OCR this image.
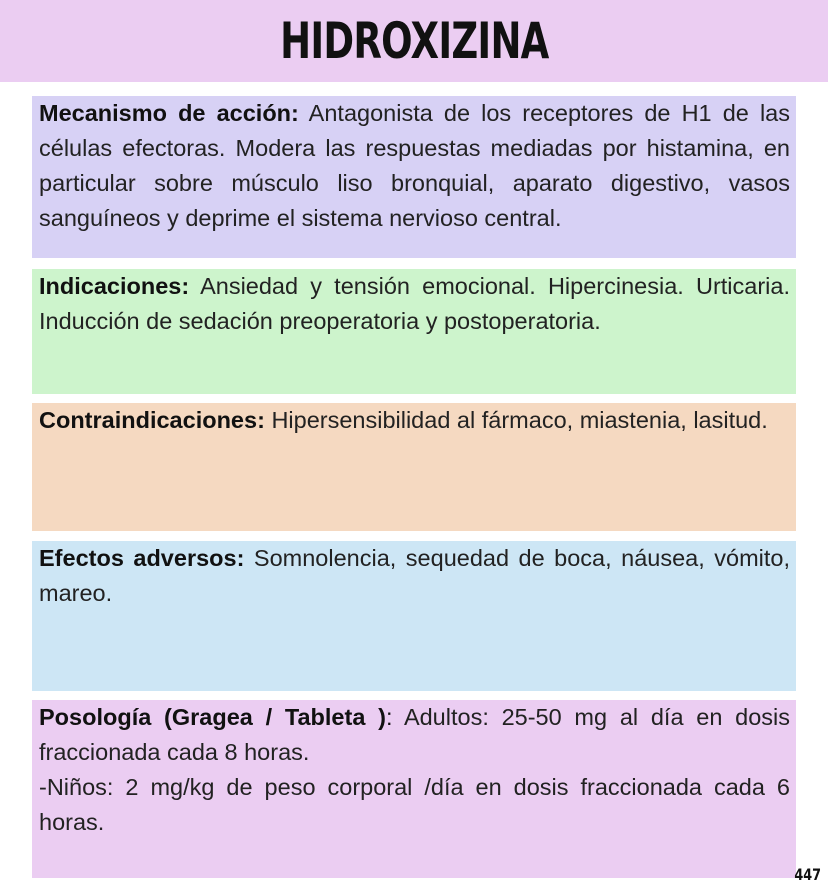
HIDROXIZINA

Mecanismo de acción: Antagonista de los receptores de H1 de las células efectoras. Modera las respuestas mediadas por histamina, en particular sobre músculo liso bronquial, aparato digestivo, vasos sanguíneos y deprime el sistema nervioso central.

Indicaciones: Ansiedad y tensión emocional. Hipercinesia. Urticaria. Inducción de sedación preoperatoria y postoperatoria.

Contraindicaciones: Hipersensibilidad al fármaco, miastenia, lasitud.

Efectos adversos: Somnolencia, sequedad de boca, náusea, vómito, mareo.

Posología (Gragea / Tableta ): Adultos: 25-50 mg al día en dosis fraccionada cada 8 horas.

-Niños: 2 mg/kg de peso corporal /día en dosis fraccionada cada 6 horas.

447
